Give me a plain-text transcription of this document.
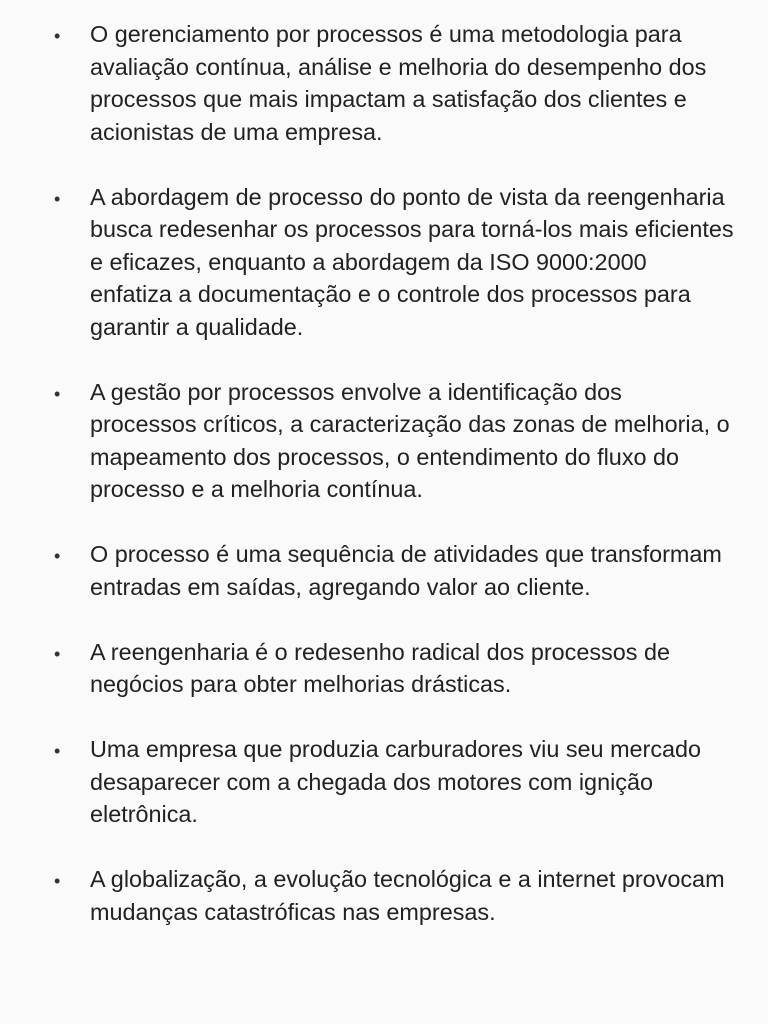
• O gerenciamento por processos é uma metodologia para avaliação contínua, análise e melhoria do desempenho dos processos que mais impactam a satisfação dos clientes e acionistas de uma empresa.
• A abordagem de processo do ponto de vista da reengenharia busca redesenhar os processos para torná-los mais eficientes e eficazes, enquanto a abordagem da ISO 9000:2000 enfatiza a documentação e o controle dos processos para garantir a qualidade.
• A gestão por processos envolve a identificação dos processos críticos, a caracterização das zonas de melhoria, o mapeamento dos processos, o entendimento do fluxo do processo e a melhoria contínua.
• O processo é uma sequência de atividades que transformam entradas em saídas, agregando valor ao cliente.
• A reengenharia é o redesenho radical dos processos de negócios para obter melhorias drásticas.
• Uma empresa que produzia carburadores viu seu mercado desaparecer com a chegada dos motores com ignição eletrônica.
• A globalização, a evolução tecnológica e a internet provocam mudanças catastróficas nas empresas.
